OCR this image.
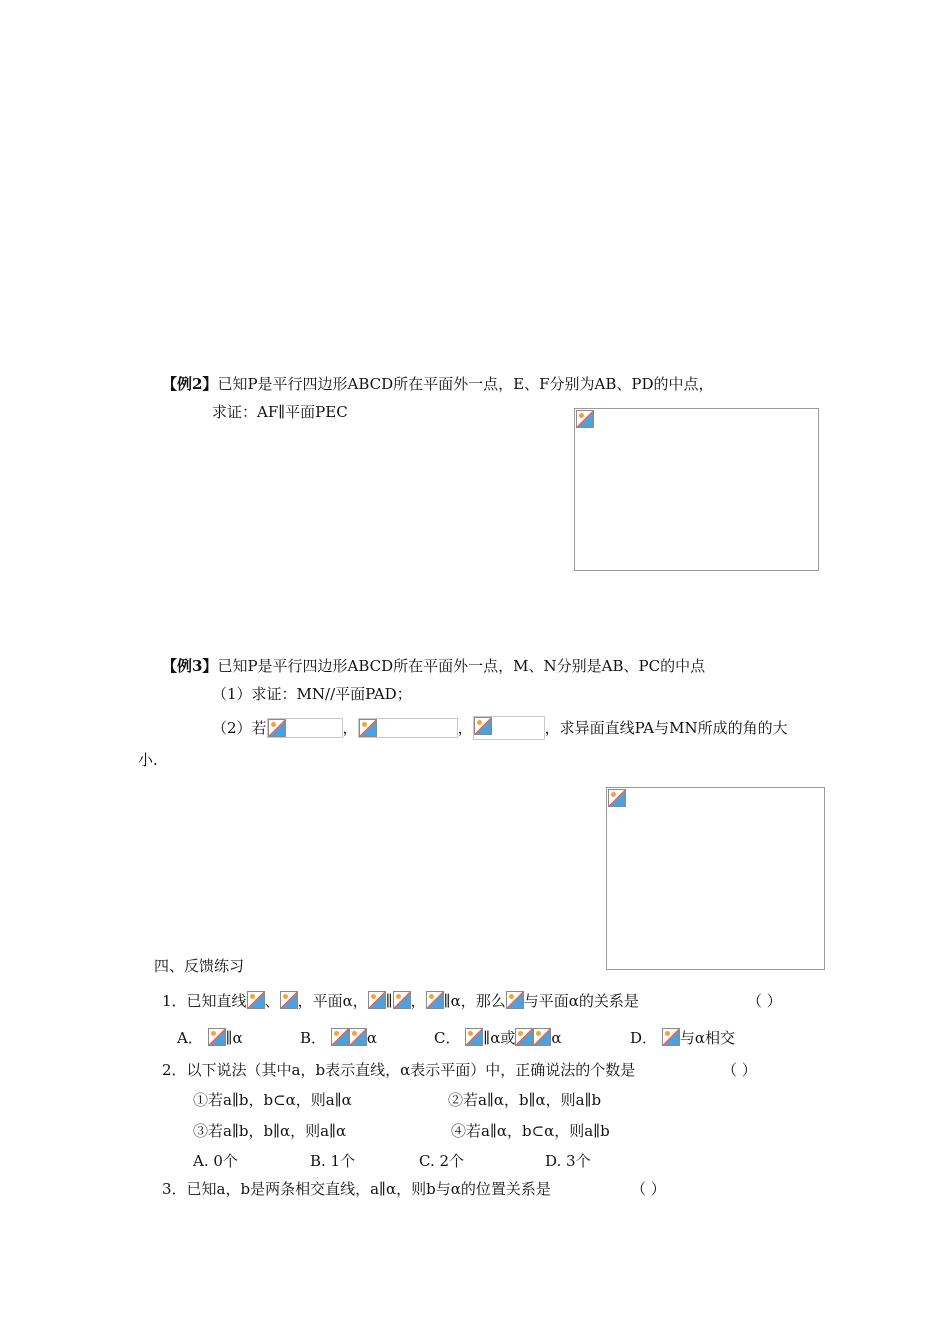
【例2】已知P是平行四边形ABCD所在平面外一点，E、F分别为AB、PD的中点，
求证：AF∥平面PEC
【例3】已知P是平行四边形ABCD所在平面外一点，M、N分别是AB、PC的中点
（1）求证：MN//平面PAD；
（2）若	，	，	，求异面直线PA与MN所成的角的大
小.
四、反馈练习
1．已知直线 、 ，平面α， ∥ ， ∥α，那么 与平面α的关系是	（ ）
A． ∥α	B．	α	C． ∥α或 α	D． 与α相交
2．以下说法（其中a，b表示直线，α表示平面）中，正确说法的个数是	（ ）
①若a∥b，b⊂α，则a∥α	②若a∥α，b∥α，则a∥b
③若a∥b，b∥α，则a∥α	④若a∥α，b⊂α，则a∥b
A. 0个	B. 1个	C. 2个	D. 3个
3．已知a，b是两条相交直线，a∥α，则b与α的位置关系是	（ ）
